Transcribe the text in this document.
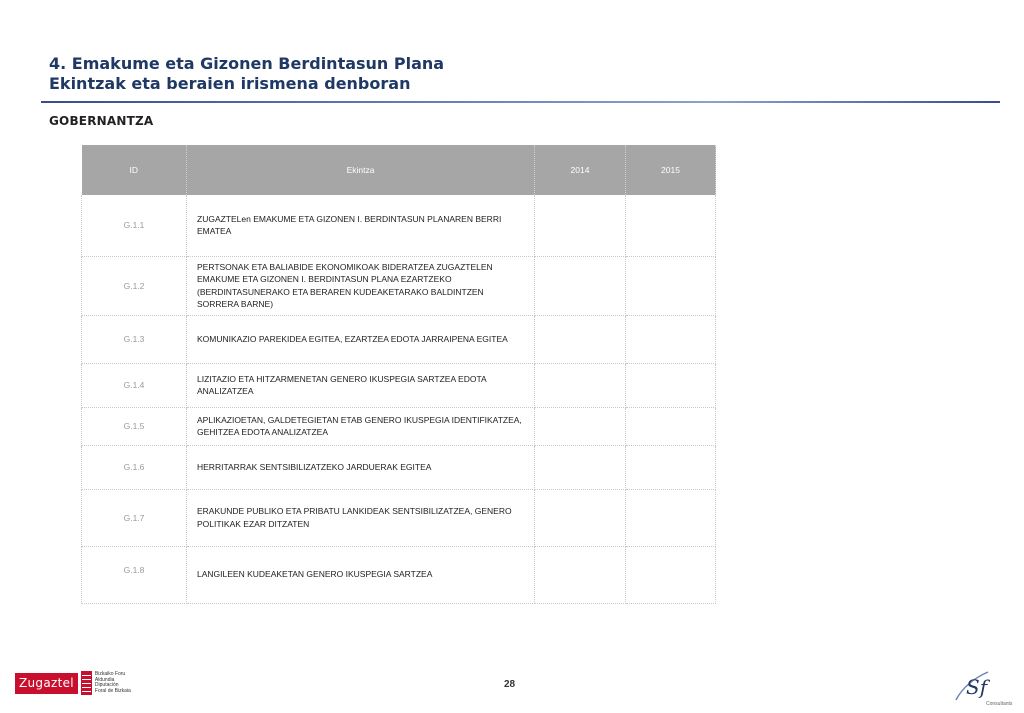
4. Emakume eta Gizonen Berdintasun Plana
Ekintzak eta beraien irismena denboran
GOBERNANTZA
ID	Ekintza	2014	2015
G.1.1	ZUGAZTELen EMAKUME ETA GIZONEN I. BERDINTASUN PLANAREN BERRI EMATEA		
G.1.2	PERTSONAK ETA BALIABIDE EKONOMIKOAK BIDERATZEA ZUGAZTELEN EMAKUME ETA GIZONEN I. BERDINTASUN PLANA EZARTZEKO (BERDINTASUNERAKO ETA BERAREN KUDEAKETARAKO BALDINTZEN SORRERA BARNE)		
G.1.3	KOMUNIKAZIO PAREKIDEA EGITEA, EZARTZEA EDOTA JARRAIPENA EGITEA		
G.1.4	LIZITAZIO ETA HITZARMENETAN GENERO IKUSPEGIA SARTZEA EDOTA ANALIZATZEA		
G.1.5	APLIKAZIOETAN, GALDETEGIETAN ETAB GENERO IKUSPEGIA IDENTIFIKATZEA, GEHITZEA EDOTA ANALIZATZEA		
G.1.6	HERRITARRAK SENTSIBILIZATZEKO JARDUERAK EGITEA		
G.1.7	ERAKUNDE PUBLIKO ETA PRIBATU LANKIDEAK SENTSIBILIZATZEA, GENERO POLITIKAK EZAR DITZATEN		
G.1.8	LANGILEEN KUDEAKETAN GENERO IKUSPEGIA SARTZEA		
Zugaztel
Bizkaiko Foru
Aldundia
Diputación
Foral de Bizkaia
28	Sf
Consultants
